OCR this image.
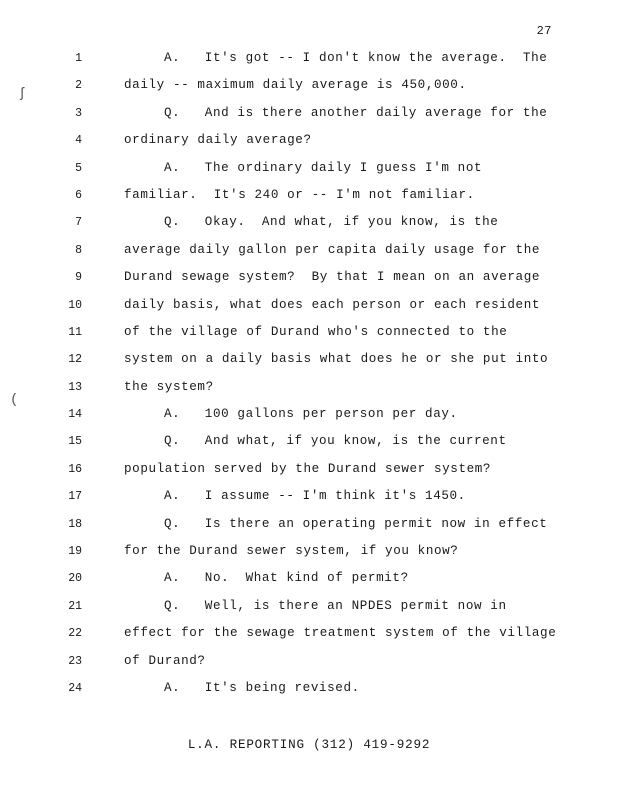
27
ʃ
(
1	A.   It's got -- I don't know the average.  The
2	daily -- maximum daily average is 450,000.
3	Q.   And is there another daily average for the
4	ordinary daily average?
5	A.   The ordinary daily I guess I'm not
6	familiar.  It's 240 or -- I'm not familiar.
7	Q.   Okay.  And what, if you know, is the
8	average daily gallon per capita daily usage for the
9	Durand sewage system?  By that I mean on an average
10	daily basis, what does each person or each resident
11	of the village of Durand who's connected to the
12	system on a daily basis what does he or she put into
13	the system?
14	A.   100 gallons per person per day.
15	Q.   And what, if you know, is the current
16	population served by the Durand sewer system?
17	A.   I assume -- I'm think it's 1450.
18	Q.   Is there an operating permit now in effect
19	for the Durand sewer system, if you know?
20	A.   No.  What kind of permit?
21	Q.   Well, is there an NPDES permit now in
22	effect for the sewage treatment system of the village
23	of Durand?
24	A.   It's being revised.
L.A. REPORTING (312) 419-9292
